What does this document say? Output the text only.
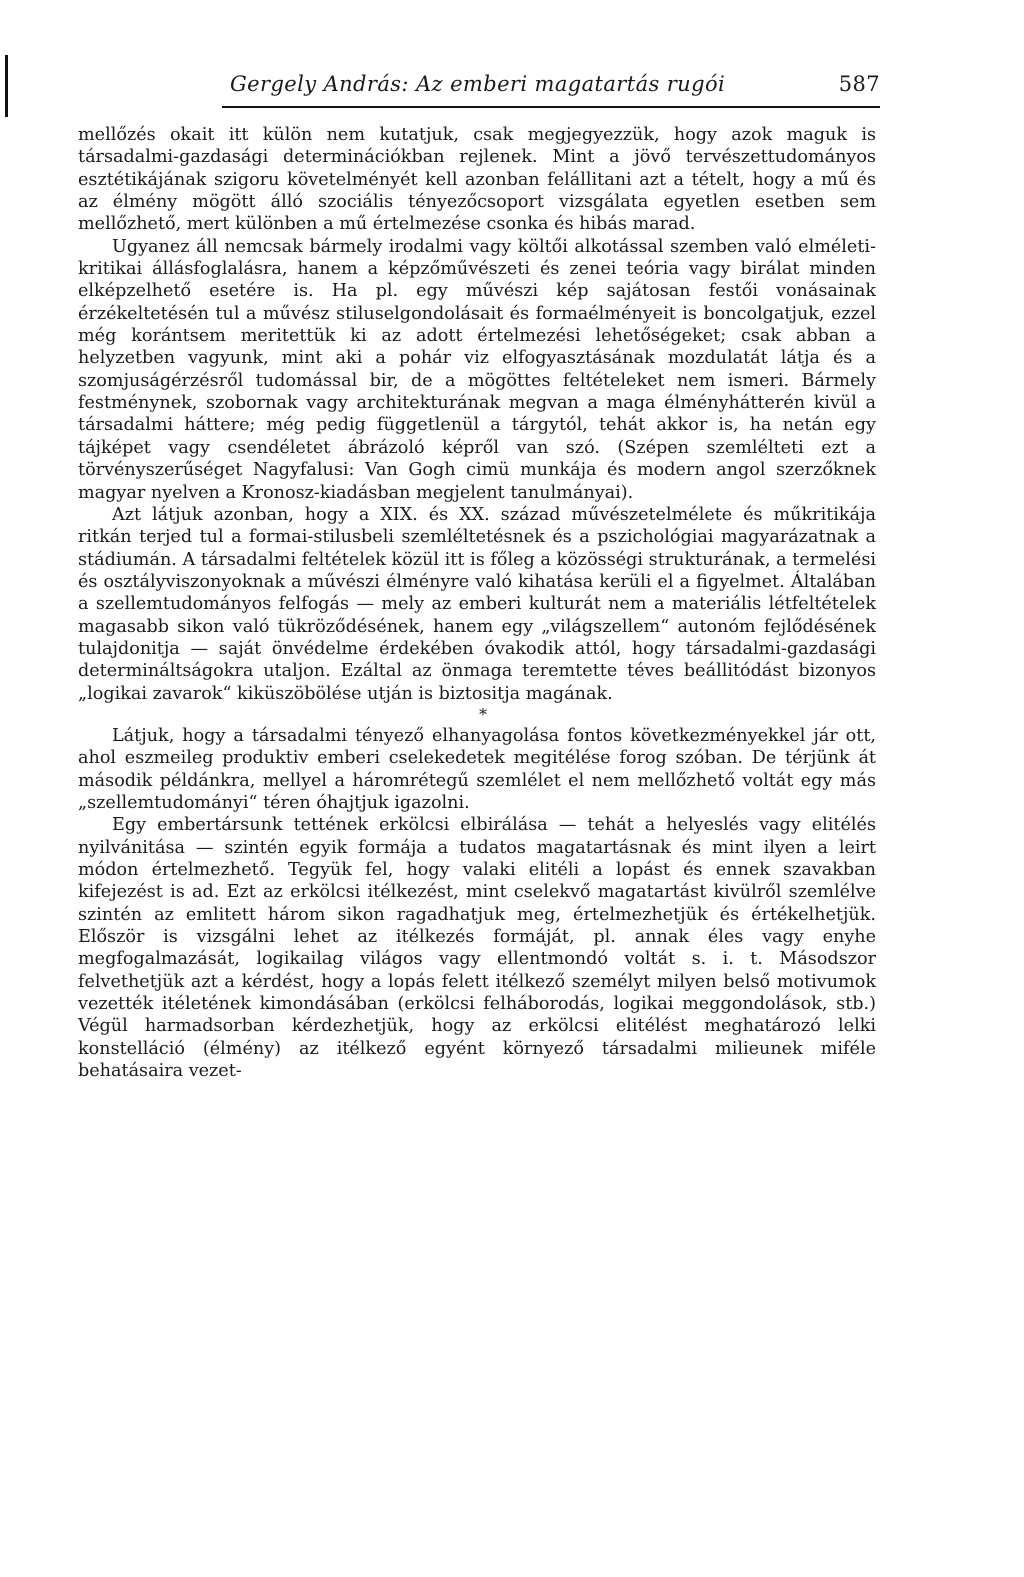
Gergely András: Az emberi magatartás rugói	587

mellőzés okait itt külön nem kutatjuk, csak megjegyezzük, hogy azok maguk is társadalmi-gazdasági determinációkban rejlenek. Mint a jövő tervészettudományos esztétikájának szigoru követelményét kell azonban felállitani azt a tételt, hogy a mű és az élmény mögött álló szociális tényezőcsoport vizsgálata egyetlen esetben sem mellőzhető, mert különben a mű értelmezése csonka és hibás marad.

Ugyanez áll nemcsak bármely irodalmi vagy költői alkotással szemben való elméleti-kritikai állásfoglalásra, hanem a képzőművészeti és zenei teória vagy birálat minden elképzelhető esetére is. Ha pl. egy művészi kép sajátosan festői vonásainak érzékeltetésén tul a művész stiluselgondolásait és formaélményeit is boncolgatjuk, ezzel még korántsem meritettük ki az adott értelmezési lehetőségeket; csak abban a helyzetben vagyunk, mint aki a pohár viz elfogyasztásának mozdulatát látja és a szomjuságérzésről tudomással bir, de a mögöttes feltételeket nem ismeri. Bármely festménynek, szobornak vagy architekturának megvan a maga élményhátterén kivül a társadalmi háttere; még pedig függetlenül a tárgytól, tehát akkor is, ha netán egy tájképet vagy csendéletet ábrázoló képről van szó. (Szépen szemlélteti ezt a törvényszerűséget Nagyfalusi: Van Gogh cimü munkája és modern angol szerzőknek magyar nyelven a Kronosz-kiadásban megjelent tanulmányai).

Azt látjuk azonban, hogy a XIX. és XX. század művészetelmélete és műkritikája ritkán terjed tul a formai-stilusbeli szemléltetésnek és a pszichológiai magyarázatnak a stádiumán. A társadalmi feltételek közül itt is főleg a közösségi strukturának, a termelési és osztályviszonyoknak a művészi élményre való kihatása kerüli el a figyelmet. Általában a szellemtudományos felfogás — mely az emberi kulturát nem a materiális létfeltételek magasabb sikon való tükröződésének, hanem egy „világszellem“ autonóm fejlődésének tulajdonitja — saját önvédelme érdekében óvakodik attól, hogy társadalmi-gazdasági determináltságokra utaljon. Ezáltal az önmaga teremtette téves beállitódást bizonyos „logikai zavarok“ kiküszöbölése utján is biztositja magának.

*

Látjuk, hogy a társadalmi tényező elhanyagolása fontos következményekkel jár ott, ahol eszmeileg produktiv emberi cselekedetek megitélése forog szóban. De térjünk át második példánkra, mellyel a háromrétegű szemlélet el nem mellőzhető voltát egy más „szellemtudományi“ téren óhajtjuk igazolni.

Egy embertársunk tettének erkölcsi elbirálása — tehát a helyeslés vagy elitélés nyilvánitása — szintén egyik formája a tudatos magatartásnak és mint ilyen a leirt módon értelmezhető. Tegyük fel, hogy valaki elitéli a lopást és ennek szavakban kifejezést is ad. Ezt az erkölcsi itélkezést, mint cselekvő magatartást kivülről szemlélve szintén az emlitett három sikon ragadhatjuk meg, értelmezhetjük és értékelhetjük. Először is vizsgálni lehet az itélkezés formáját, pl. annak éles vagy enyhe megfogalmazását, logikailag világos vagy ellentmondó voltát s. i. t. Másodszor felvethetjük azt a kérdést, hogy a lopás felett itélkező személyt milyen belső motivumok vezették itéletének kimondásában (erkölcsi felháborodás, logikai meggondolások, stb.) Végül harmadsorban kérdezhetjük, hogy az erkölcsi elitélést meghatározó lelki konstelláció (élmény) az itélkező egyént környező társadalmi milieunek miféle behatásaira vezet-
